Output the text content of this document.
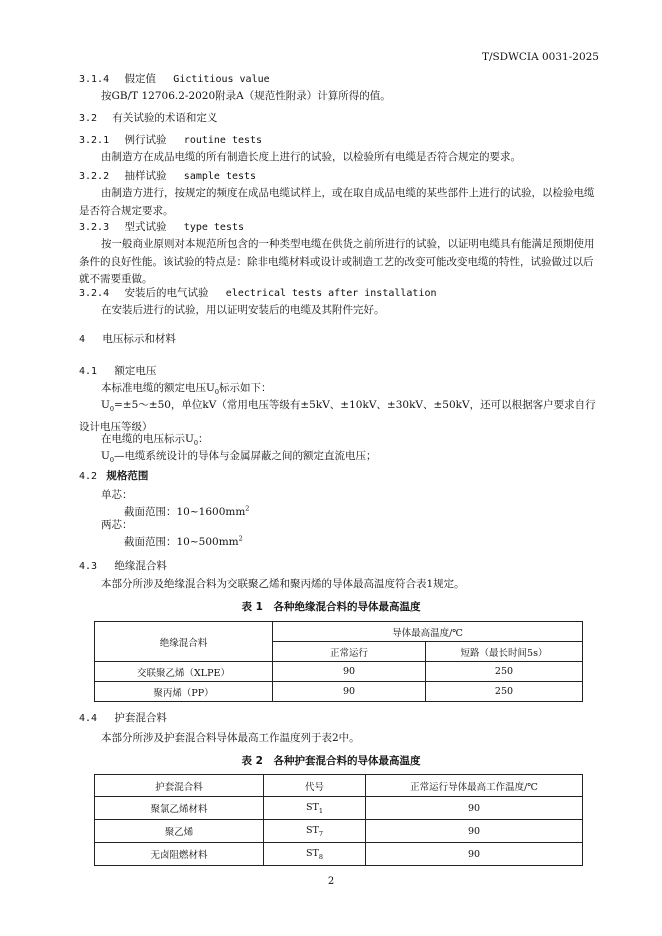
T/SDWCIA 0031-2025
3.1.4 假定值 Gictitious value
按GB/T 12706.2-2020附录A（规范性附录）计算所得的值。
3.2 有关试验的术语和定义
3.2.1 例行试验 routine tests
由制造方在成品电缆的所有制造长度上进行的试验，以检验所有电缆是否符合规定的要求。
3.2.2 抽样试验 sample tests
由制造方进行，按规定的频度在成品电缆试样上，或在取自成品电缆的某些部件上进行的试验，以检验电缆是否符合规定要求。
3.2.3 型式试验 type tests
按一般商业原则对本规范所包含的一种类型电缆在供货之前所进行的试验，以证明电缆具有能满足预期使用条件的良好性能。该试验的特点是：除非电缆材料或设计或制造工艺的改变可能改变电缆的特性，试验做过以后就不需要重做。
3.2.4 安装后的电气试验 electrical tests after installation
在安装后进行的试验，用以证明安装后的电缆及其附件完好。
4 电压标示和材料
4.1 额定电压
本标准电缆的额定电压$U_0$标示如下：
$U_0=\pm 5\sim\pm 50$，单位kV（常用电压等级有±5kV、±10kV、±30kV、±50kV，还可以根据客户要求自行设计电压等级）
在电缆的电压标示$U_0$：
$U_0—$电缆系统设计的导体与金属屏蔽之间的额定直流电压；
4.2 规格范围
单芯：
截面范围：$10\sim 1600mm^2$
两芯：
截面范围：$10\sim 500mm^2$
4.3 绝缘混合料
本部分所涉及绝缘混合料为交联聚乙烯和聚丙烯的导体最高温度符合表1规定。
表 1　各种绝缘混合料的导体最高温度
绝缘混合料	导体最高温度/℃	
	正常运行	短路（最长时间5s）
交联聚乙烯（XLPE）	90	250
聚丙烯（PP）	90	250
4.4 护套混合料
本部分所涉及护套混合料导体最高工作温度列于表2中。
表 2　各种护套混合料的导体最高温度
护套混合料	代号	正常运行导体最高工作温度/℃
聚氯乙烯材料	$ST_1$	90
聚乙烯	$ST_7$	90
无卤阻燃材料	$ST_8$	90
2
